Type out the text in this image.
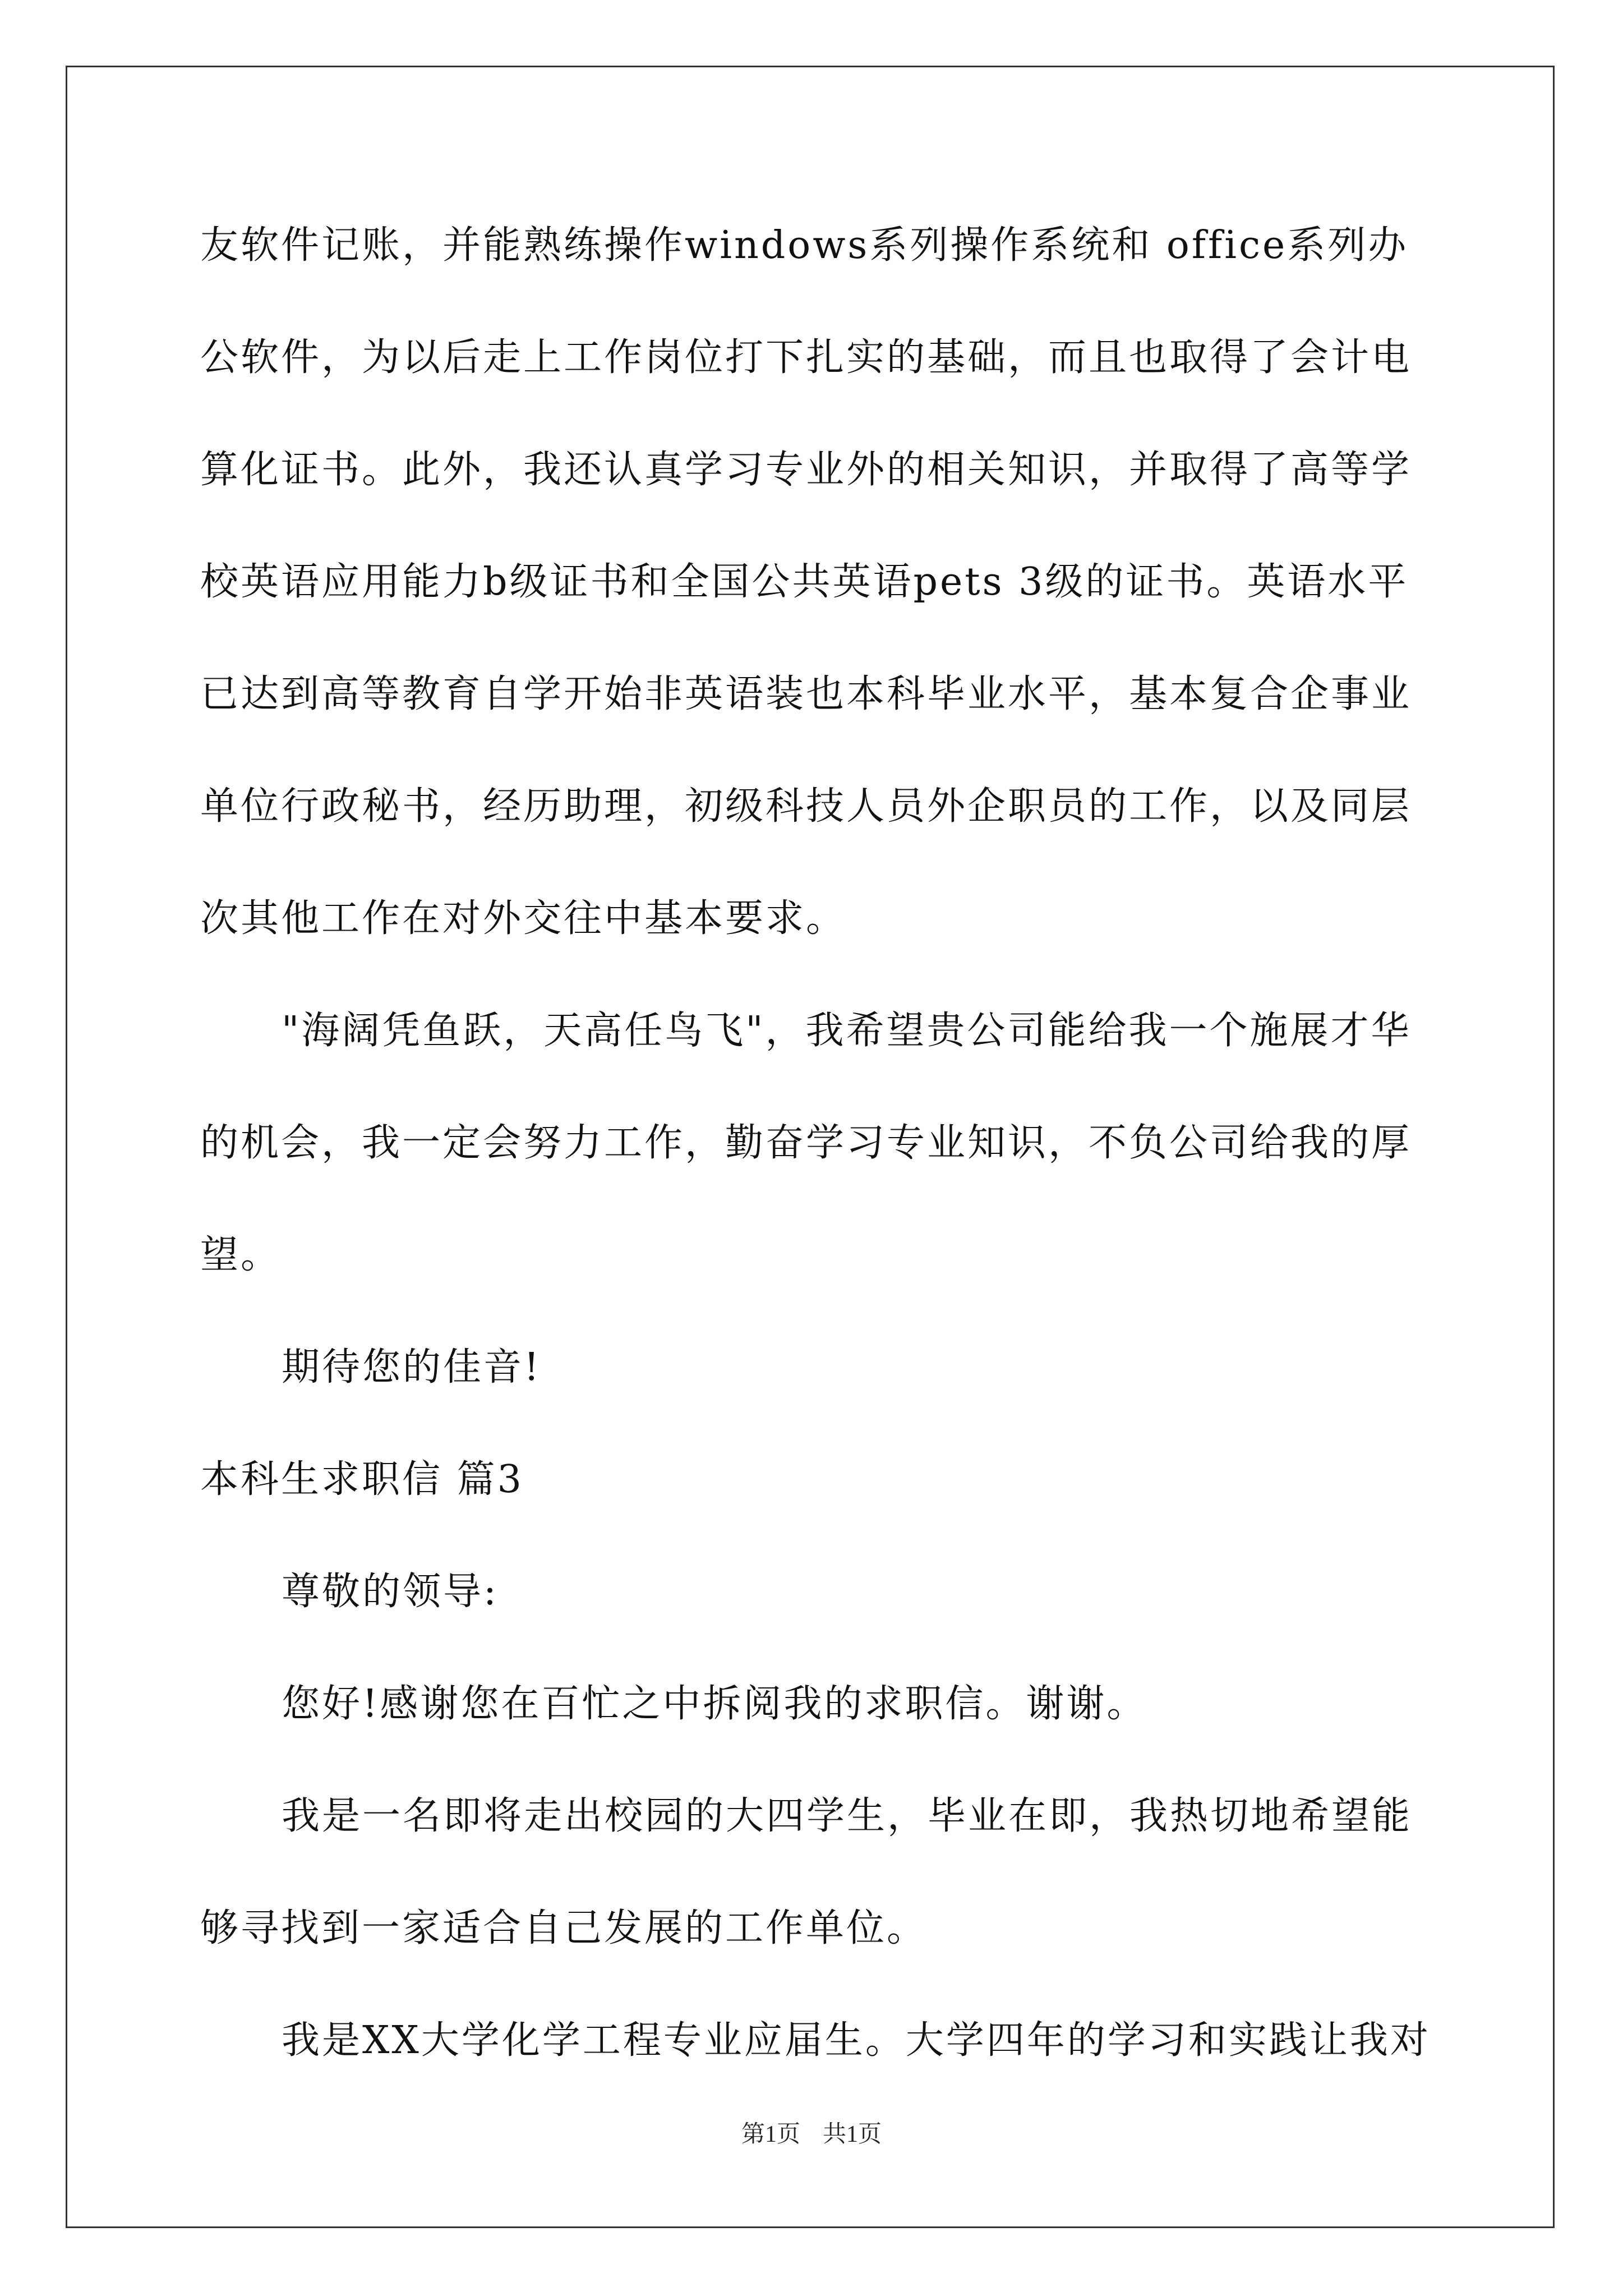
友软件记账，并能熟练操作windows系列操作系统和 office系列办
公软件，为以后走上工作岗位打下扎实的基础，而且也取得了会计电
算化证书。此外，我还认真学习专业外的相关知识，并取得了高等学
校英语应用能力b级证书和全国公共英语pets 3级的证书。英语水平
已达到高等教育自学开始非英语装也本科毕业水平，基本复合企事业
单位行政秘书，经历助理，初级科技人员外企职员的工作，以及同层
次其他工作在对外交往中基本要求。
"海阔凭鱼跃，天高任鸟飞"，我希望贵公司能给我一个施展才华
的机会，我一定会努力工作，勤奋学习专业知识，不负公司给我的厚
望。
期待您的佳音!
本科生求职信 篇3
尊敬的领导:
您好!感谢您在百忙之中拆阅我的求职信。谢谢。
我是一名即将走出校园的大四学生，毕业在即，我热切地希望能
够寻找到一家适合自己发展的工作单位。
我是XX大学化学工程专业应届生。大学四年的学习和实践让我对
第1页 共1页
